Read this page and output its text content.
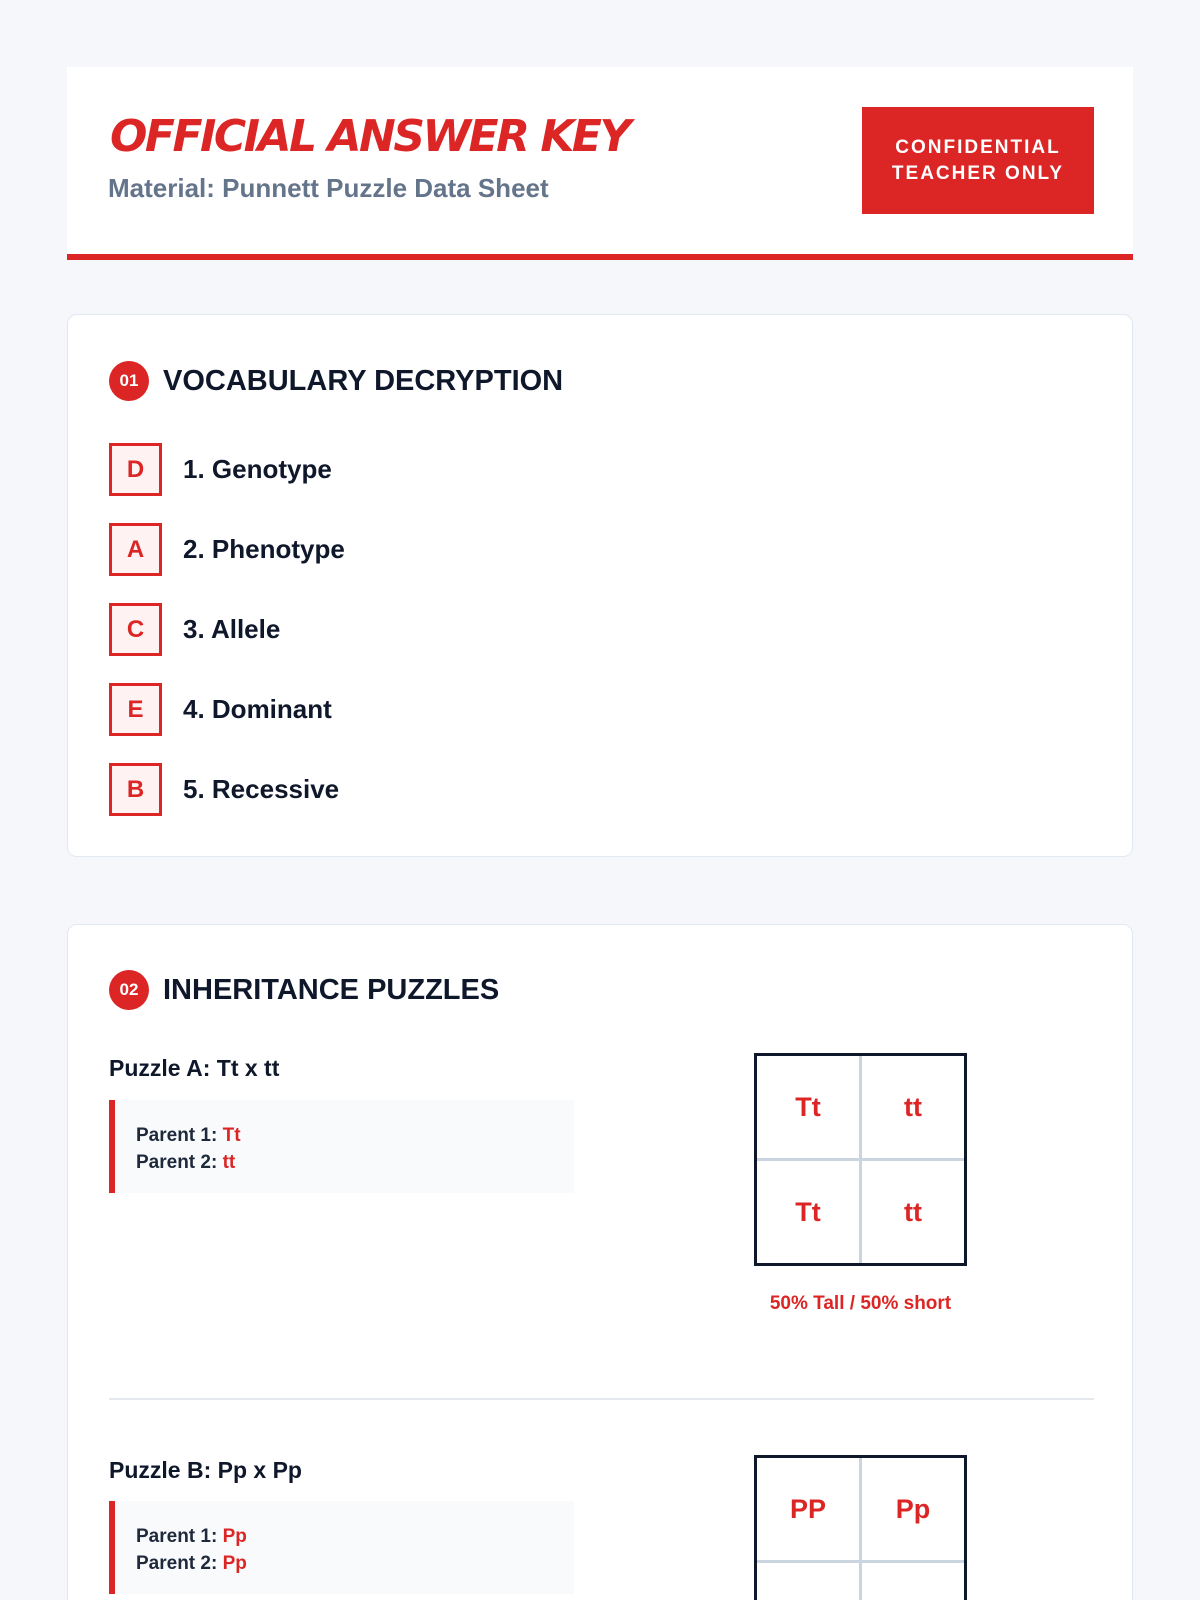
OFFICIAL ANSWER KEY
Material: Punnett Puzzle Data Sheet
CONFIDENTIAL
TEACHER ONLY
01 VOCABULARY DECRYPTION
D	1. Genotype
A	2. Phenotype
C	3. Allele
E	4. Dominant
B	5. Recessive
02 INHERITANCE PUZZLES
Puzzle A: Tt x tt
Parent 1: Tt
Parent 2: tt
Tt	tt
Tt	tt
50% Tall / 50% short
Puzzle B: Pp x Pp
Parent 1: Pp
Parent 2: Pp
PP	Pp
